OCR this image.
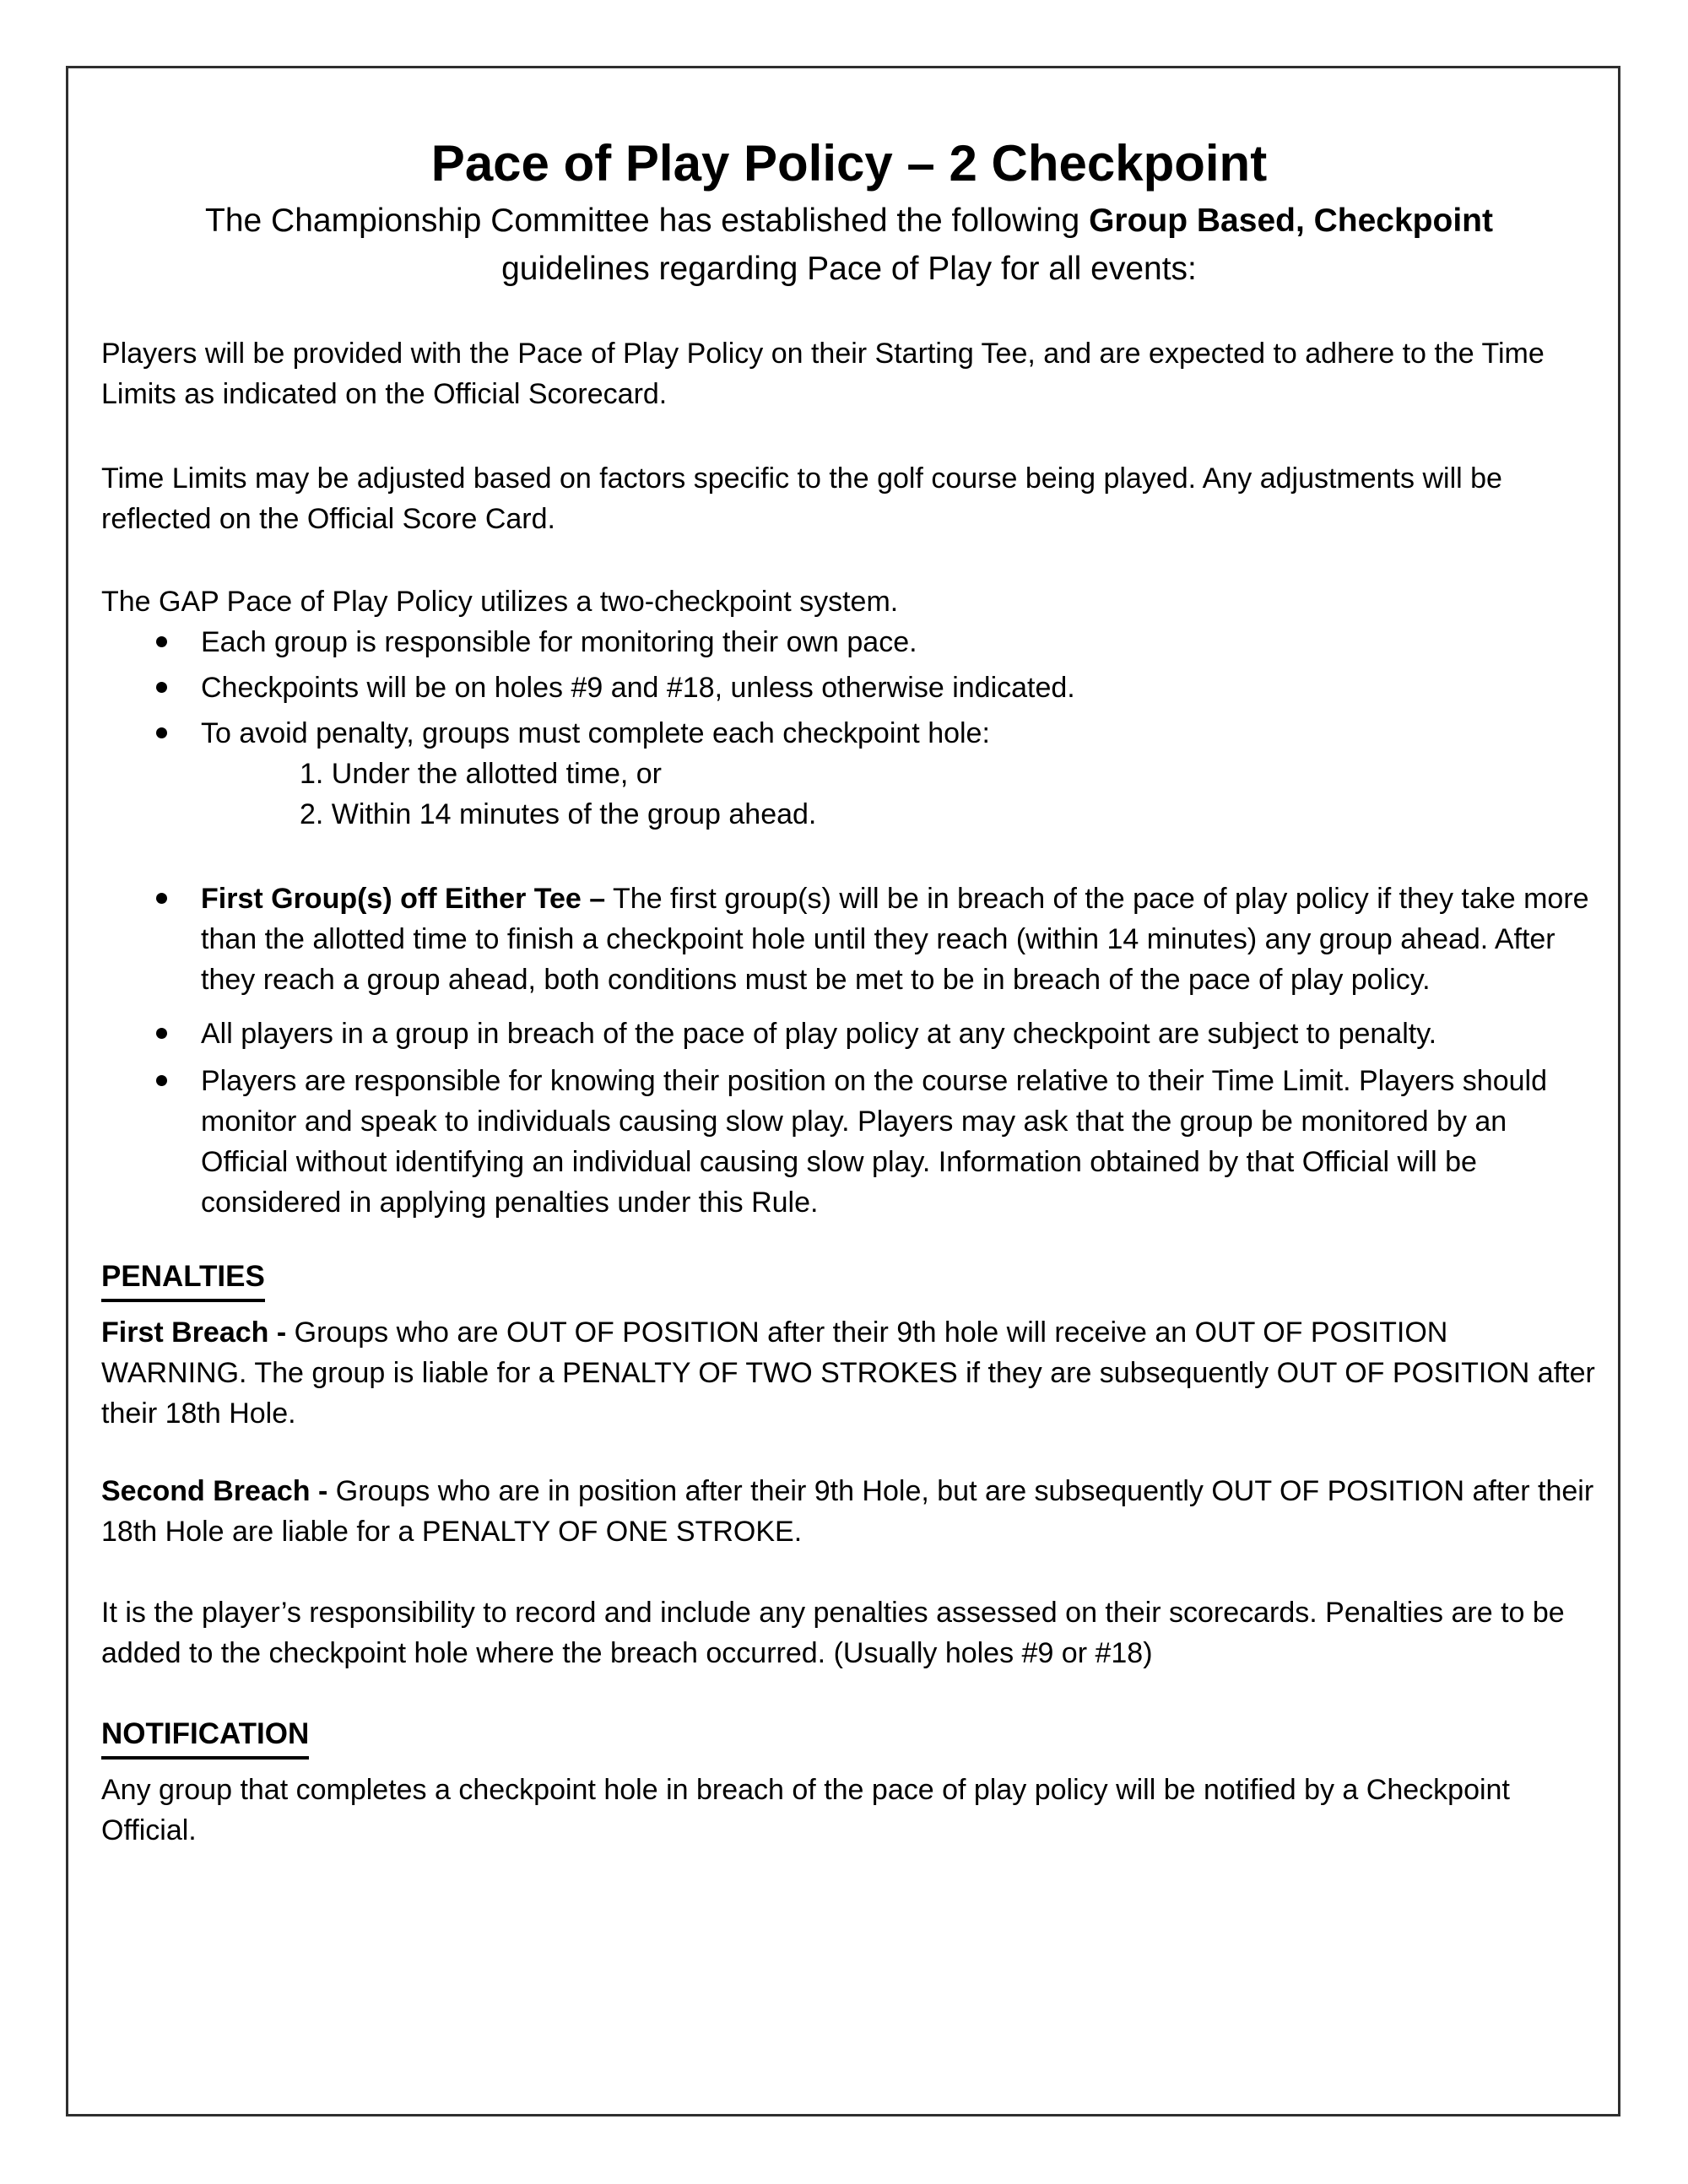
Pace of Play Policy – 2 Checkpoint
The Championship Committee has established the following Group Based, Checkpoint
guidelines regarding Pace of Play for all events:

Players will be provided with the Pace of Play Policy on their Starting Tee, and are expected to adhere to the Time Limits as indicated on the Official Scorecard.

Time Limits may be adjusted based on factors specific to the golf course being played. Any adjustments will be reflected on the Official Score Card.

The GAP Pace of Play Policy utilizes a two-checkpoint system.

Each group is responsible for monitoring their own pace.
Checkpoints will be on holes #9 and #18, unless otherwise indicated.
To avoid penalty, groups must complete each checkpoint hole:
1. Under the allotted time, or
2. Within 14 minutes of the group ahead.
First Group(s) off Either Tee – The first group(s) will be in breach of the pace of play policy if they take more than the allotted time to finish a checkpoint hole until they reach (within 14 minutes) any group ahead. After they reach a group ahead, both conditions must be met to be in breach of the pace of play policy.
All players in a group in breach of the pace of play policy at any checkpoint are subject to penalty.
Players are responsible for knowing their position on the course relative to their Time Limit. Players should monitor and speak to individuals causing slow play. Players may ask that the group be monitored by an Official without identifying an individual causing slow play. Information obtained by that Official will be considered in applying penalties under this Rule.
PENALTIES

First Breach - Groups who are OUT OF POSITION after their 9th hole will receive an OUT OF POSITION WARNING. The group is liable for a PENALTY OF TWO STROKES if they are subsequently OUT OF POSITION after their 18th Hole.

Second Breach - Groups who are in position after their 9th Hole, but are subsequently OUT OF POSITION after their 18th Hole are liable for a PENALTY OF ONE STROKE.

It is the player’s responsibility to record and include any penalties assessed on their scorecards. Penalties are to be added to the checkpoint hole where the breach occurred. (Usually holes #9 or #18)

NOTIFICATION

Any group that completes a checkpoint hole in breach of the pace of play policy will be notified by a Checkpoint Official.
